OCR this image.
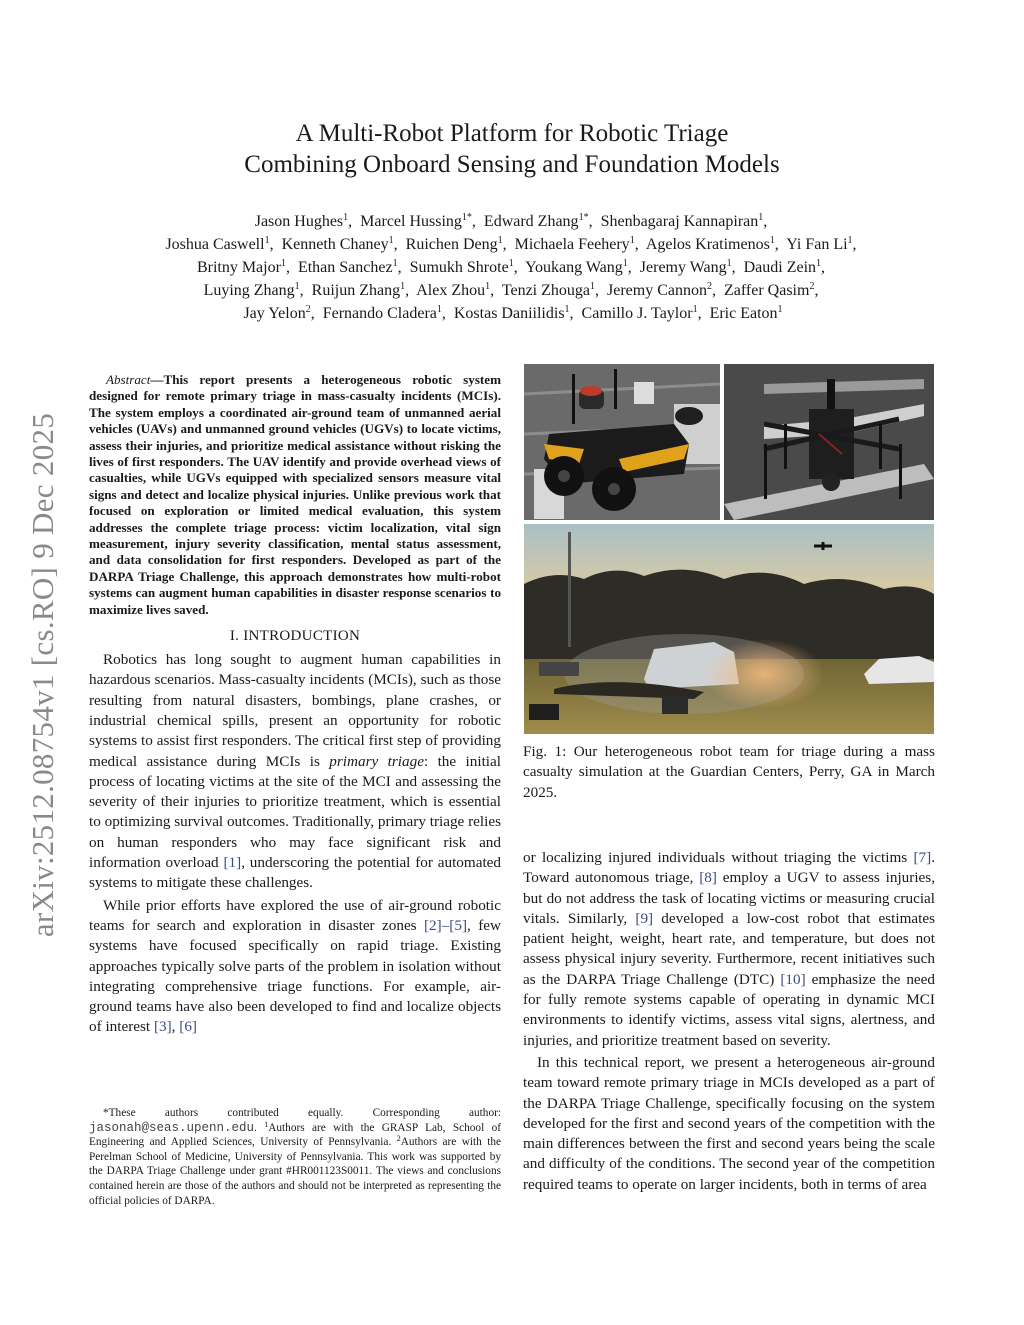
arXiv:2512.08754v1 [cs.RO] 9 Dec 2025
A Multi-Robot Platform for Robotic Triage
Combining Onboard Sensing and Foundation Models
Jason Hughes$^1$,  Marcel Hussing$^{1*}$,  Edward Zhang$^{1*}$,  Shenbagaraj Kannapiran$^1$,
Joshua Caswell$^1$,  Kenneth Chaney$^1$,  Ruichen Deng$^1$,  Michaela Feehery$^1$,  Agelos Kratimenos$^1$,  Yi Fan Li$^1$,
Britny Major$^1$,  Ethan Sanchez$^1$,  Sumukh Shrote$^1$,  Youkang Wang$^1$,  Jeremy Wang$^1$,  Daudi Zein$^1$,
Luying Zhang$^1$,  Ruijun Zhang$^1$,  Alex Zhou$^1$,  Tenzi Zhouga$^1$,  Jeremy Cannon$^2$,  Zaffer Qasim$^2$,
Jay Yelon$^2$,  Fernando Cladera$^1$,  Kostas Daniilidis$^1$,  Camillo J. Taylor$^1$,  Eric Eaton$^1$
Fig. 1: Our heterogeneous robot team for triage during a mass casualty simulation at the Guardian Centers, Perry, GA in March 2025.

Abstract—This report presents a heterogeneous robotic system designed for remote primary triage in mass-casualty incidents (MCIs). The system employs a coordinated air-ground team of unmanned aerial vehicles (UAVs) and unmanned ground vehicles (UGVs) to locate victims, assess their injuries, and prioritize medical assistance without risking the lives of first responders. The UAV identify and provide overhead views of casualties, while UGVs equipped with specialized sensors measure vital signs and detect and localize physical injuries. Unlike previous work that focused on exploration or limited medical evaluation, this system addresses the complete triage process: victim localization, vital sign measurement, injury severity classification, mental status assessment, and data consolidation for first responders. Developed as part of the DARPA Triage Challenge, this approach demonstrates how multi-robot systems can augment human capabilities in disaster response scenarios to maximize lives saved.

I. INTRODUCTION

Robotics has long sought to augment human capabilities in hazardous scenarios. Mass-casualty incidents (MCIs), such as those resulting from natural disasters, bombings, plane crashes, or industrial chemical spills, present an opportunity for robotic systems to assist first responders. The critical first step of providing medical assistance during MCIs is primary triage: the initial process of locating victims at the site of the MCI and assessing the severity of their injuries to prioritize treatment, which is essential to optimizing survival outcomes. Traditionally, primary triage relies on human responders who may face significant risk and information overload [1], underscoring the potential for automated systems to mitigate these challenges.

While prior efforts have explored the use of air-ground robotic teams for search and exploration in disaster zones [2]–[5], few systems have focused specifically on rapid triage. Existing approaches typically solve parts of the problem in isolation without integrating comprehensive triage functions. For example, air-ground teams have also been developed to find and localize objects of interest [3], [6]

*These authors contributed equally. Corresponding author: jasonah@seas.upenn.edu. $^1$Authors are with the GRASP Lab, School of Engineering and Applied Sciences, University of Pennsylvania. $^2$Authors are with the Perelman School of Medicine, University of Pennsylvania. This work was supported by the DARPA Triage Challenge under grant #HR001123S0011. The views and conclusions contained herein are those of the authors and should not be interpreted as representing the official policies of DARPA.

or localizing injured individuals without triaging the victims [7]. Toward autonomous triage, [8] employ a UGV to assess injuries, but do not address the task of locating victims or measuring crucial vitals. Similarly, [9] developed a low-cost robot that estimates patient height, weight, heart rate, and temperature, but does not assess physical injury severity. Furthermore, recent initiatives such as the DARPA Triage Challenge (DTC) [10] emphasize the need for fully remote systems capable of operating in dynamic MCI environments to identify victims, assess vital signs, alertness, and injuries, and prioritize treatment based on severity.

In this technical report, we present a heterogeneous air-ground team toward remote primary triage in MCIs developed as a part of the DARPA Triage Challenge, specifically focusing on the system developed for the first and second years of the competition with the main differences between the first and second years being the scale and difficulty of the conditions. The second year of the competition required teams to operate on larger incidents, both in terms of area
